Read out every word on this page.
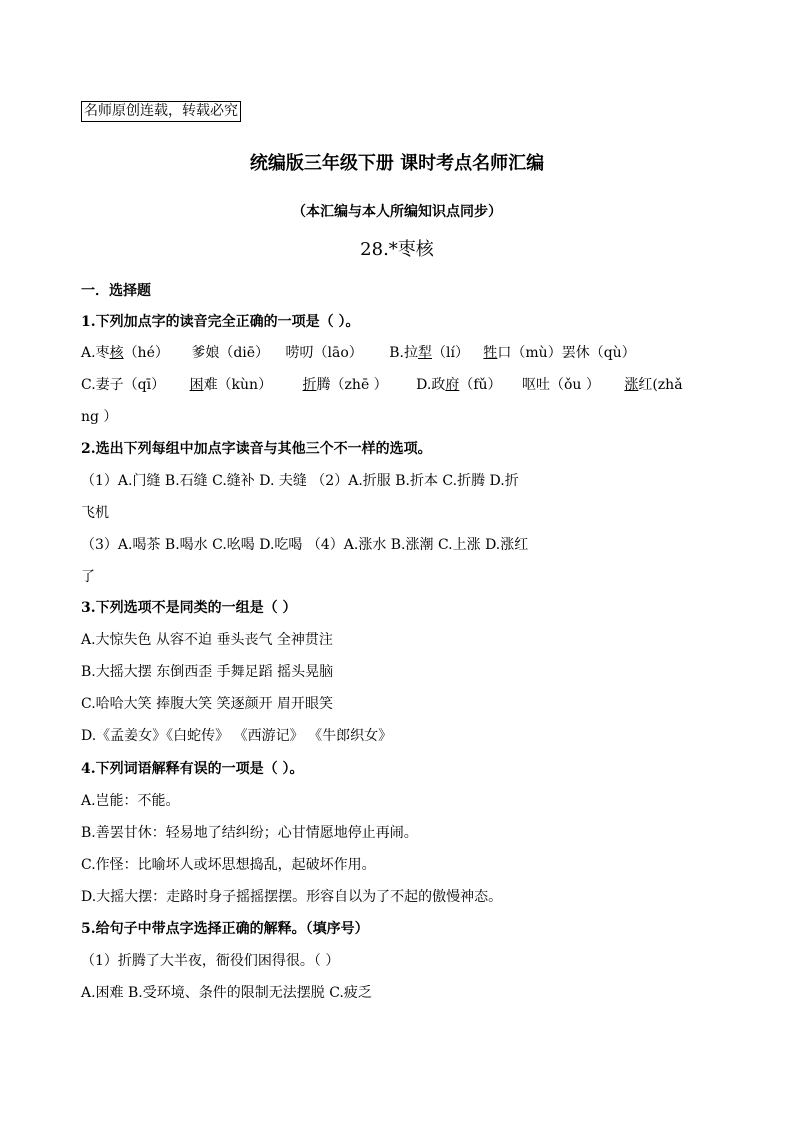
名师原创连载，转载必究
统编版三年级下册 课时考点名师汇编
（本汇编与本人所编知识点同步）
28.*枣核
一．选择题
1.下列加点字的读音完全正确的一项是（ ）。
A.枣核（hé） 爹娘（diē） 唠叨（lāo） B.拉犁（lí） 牲口（mù）罢休（qù）
C.妻子（qī） 困难（kùn） 折腾（zhē ） D.政府（fǔ） 呕吐（ǒu ） 涨红(zhǎ
ng ）
2.选出下列每组中加点字读音与其他三个不一样的选项。
（1）A.门缝 B.石缝 C.缝补 D. 夫缝 （2）A.折服 B.折本 C.折腾 D.折
飞机
（3）A.喝茶 B.喝水 C.吆喝 D.吃喝 （4）A.涨水 B.涨潮 C.上涨 D.涨红
了
3.下列选项不是同类的一组是（ ）
A.大惊失色 从容不迫 垂头丧气 全神贯注
B.大摇大摆 东倒西歪 手舞足蹈 摇头晃脑
C.哈哈大笑 捧腹大笑 笑逐颜开 眉开眼笑
D.《孟姜女》《白蛇传》 《西游记》 《牛郎织女》
4.下列词语解释有误的一项是（ ）。
A.岂能：不能。
B.善罢甘休：轻易地了结纠纷；心甘情愿地停止再闹。
C.作怪：比喻坏人或坏思想捣乱，起破坏作用。
D.大摇大摆：走路时身子摇摇摆摆。形容自以为了不起的傲慢神态。
5.给句子中带点字选择正确的解释。（填序号）
（1）折腾了大半夜，衙役们困得很。（ ）
A.困难 B.受环境、条件的限制无法摆脱 C.疲乏
